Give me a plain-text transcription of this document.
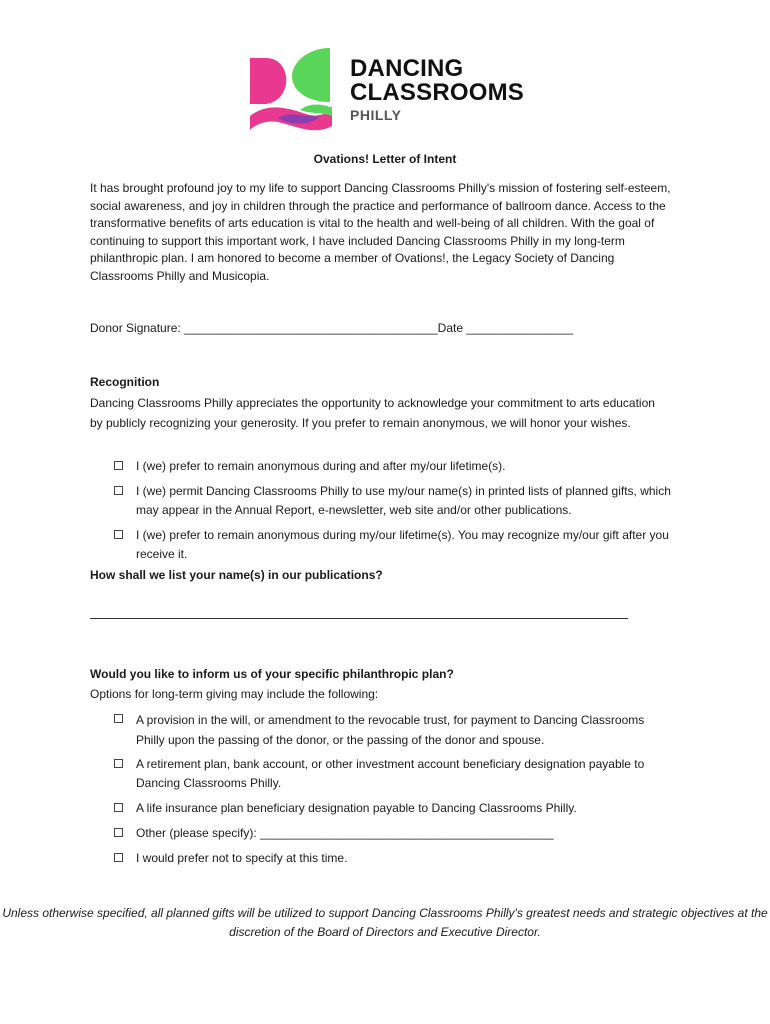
DANCING
CLASSROOMS
PHILLY
Ovations! Letter of Intent
It has brought profound joy to my life to support Dancing Classrooms Philly's mission of fostering self-esteem, social awareness, and joy in children through the practice and performance of ballroom dance. Access to the transformative benefits of arts education is vital to the health and well-being of all children. With the goal of continuing to support this important work, I have included Dancing Classrooms Philly in my long-term philanthropic plan. I am honored to become a member of Ovations!, the Legacy Society of Dancing Classrooms Philly and Musicopia.
Donor Signature: ______________________________________Date ________________
Recognition
Dancing Classrooms Philly appreciates the opportunity to acknowledge your commitment to arts education by publicly recognizing your generosity. If you prefer to remain anonymous, we will honor your wishes.
I (we) prefer to remain anonymous during and after my/our lifetime(s).
I (we) permit Dancing Classrooms Philly to use my/our name(s) in printed lists of planned gifts, which may appear in the Annual Report, e-newsletter, web site and/or other publications.
I (we) prefer to remain anonymous during my/our lifetime(s). You may recognize my/our gift after you receive it.
How shall we list your name(s) in our publications?
Would you like to inform us of your specific philanthropic plan?
Options for long-term giving may include the following:
A provision in the will, or amendment to the revocable trust, for payment to Dancing Classrooms Philly upon the passing of the donor, or the passing of the donor and spouse.
A retirement plan, bank account, or other investment account beneficiary designation payable to Dancing Classrooms Philly.
A life insurance plan beneficiary designation payable to Dancing Classrooms Philly.
Other (please specify): ____________________________________________
I would prefer not to specify at this time.
Unless otherwise specified, all planned gifts will be utilized to support Dancing Classrooms Philly's greatest needs and strategic objectives at the discretion of the Board of Directors and Executive Director.
